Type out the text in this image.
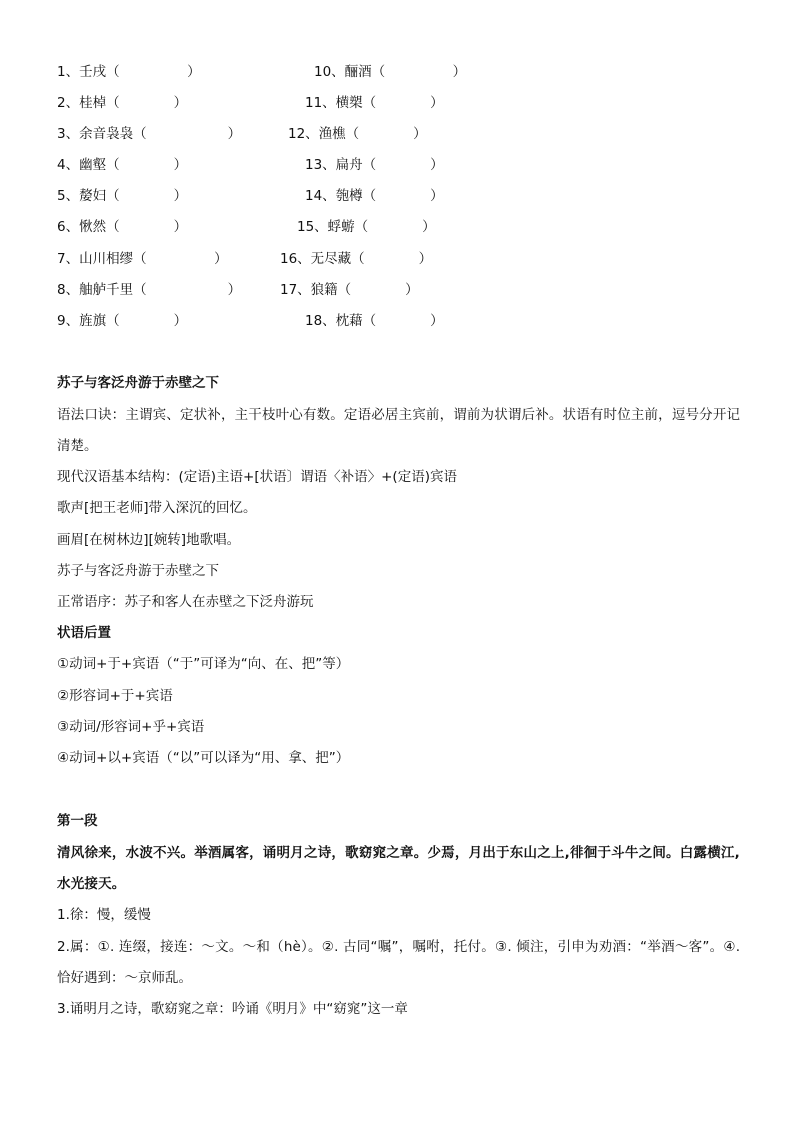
1、壬戌（　　　　　）	10、酾酒（　　　　　）
2、桂棹（　　　　）	11、横槊（　　　　）
3、余音袅袅（　　　　　　）	12、渔樵（　　　　）
4、幽壑（　　　　）	13、扁舟（　　　　）
5、嫠妇（　　　　）	14、匏樽（　　　　）
6、愀然（　　　　）	15、蜉蝣（　　　　）
7、山川相缪（　　　　　）	16、无尽藏（　　　　）
8、舳舻千里（　　　　　　）	17、狼籍（　　　　）
9、旌旗（　　　　）	18、枕藉（　　　　）
苏子与客泛舟游于赤壁之下
语法口诀：主谓宾、定状补，主干枝叶心有数。定语必居主宾前，谓前为状谓后补。状语有时位主前，逗号分开记清楚。
现代汉语基本结构：(定语)主语+[状语〕谓语〈补语〉+(定语)宾语
歌声[把王老师]带入深沉的回忆。
画眉[在树林边][婉转]地歌唱。
苏子与客泛舟游于赤壁之下
正常语序：苏子和客人在赤壁之下泛舟游玩
状语后置
①动词+于+宾语（“于”可译为“向、在、把”等）
②形容词+于+宾语
③动词/形容词+乎+宾语
④动词+以+宾语（“以”可以译为“用、拿、把”）
第一段
清风徐来，水波不兴。举酒属客，诵明月之诗，歌窈窕之章。少焉，月出于东山之上,徘徊于斗牛之间。白露横江,水光接天。
1.徐：慢，缓慢
2.属：①. 连缀，接连：～文。～和（hè）。②. 古同“嘱”，嘱咐，托付。③. 倾注，引申为劝酒：“举酒～客”。④. 恰好遇到：～京师乱。
3.诵明月之诗，歌窈窕之章：吟诵《明月》中“窈窕”这一章
